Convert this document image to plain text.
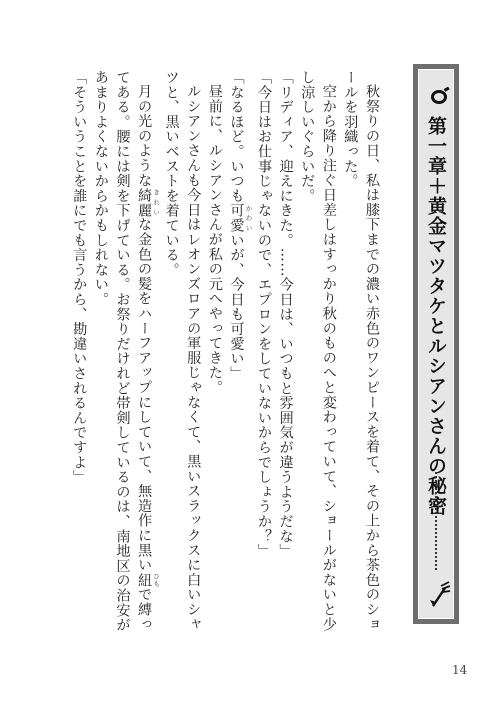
第一章＋黄金マツタケとルシアンさんの秘密

秋祭りの日、私は膝下までの濃い赤色のワンピースを着て、その上から茶色のショールを羽織った。

空から降り注ぐ日差しはすっかり秋のものへと変わっていて、ショールがないと少し涼しいぐらいだ。

「リディア、迎えにきた。……今日は、いつもと雰囲気が違うようだな」

「今日はお仕事じゃないので、エプロンをしていないからでしょうか？」

「なるほど。いつも可愛 かわいいが、今日も可愛い」

昼前に、ルシアンさんが私の元へやってきた。

ルシアンさんも今日はレオンズロアの軍服じゃなくて、黒いスラックスに白いシャツと、黒いベストを着ている。

月の光のような綺麗 きれいな金色の髪をハーフアップにしていて、無造作に黒い紐 ひもで縛ってある。腰には剣を下げている。お祭りだけれど帯剣しているのは、南地区の治安があまりよくないからかもしれない。

「そういうことを誰にでも言うから、勘違いされるんですよ」

14
